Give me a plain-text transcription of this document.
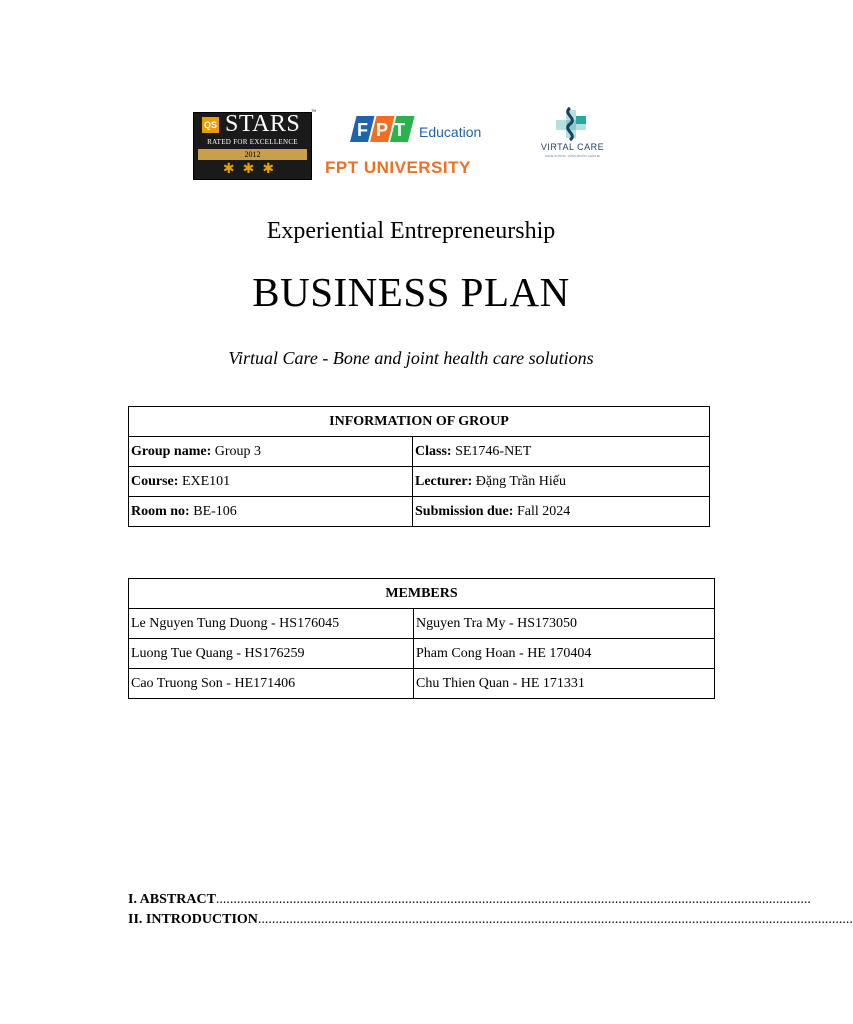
QS STARS
RATED FOR EXCELLENCE
2012
✱✱✱
™
F P T Education
FPT UNIVERSITY
VIRTAL CARE
KHỎE XƯƠNG, VỮNG BƯỚC CHÂN ĐI
Experiential Entrepreneurship
BUSINESS PLAN
Virtual Care - Bone and joint health care solutions
INFORMATION OF GROUP	
Group name: Group 3	Class: SE1746-NET
Course: EXE101	Lecturer: Đặng Trần Hiếu
Room no: BE-106	Submission due: Fall 2024
MEMBERS	
Le Nguyen Tung Duong - HS176045	Nguyen Tra My - HS173050
Luong Tue Quang - HS176259	Pham Cong Hoan - HE 170404
Cao Truong Son - HE171406	Chu Thien Quan - HE 171331
I. ABSTRACT..........................................................................................................................................................................
II. INTRODUCTION..........................................................................................................................................................................
